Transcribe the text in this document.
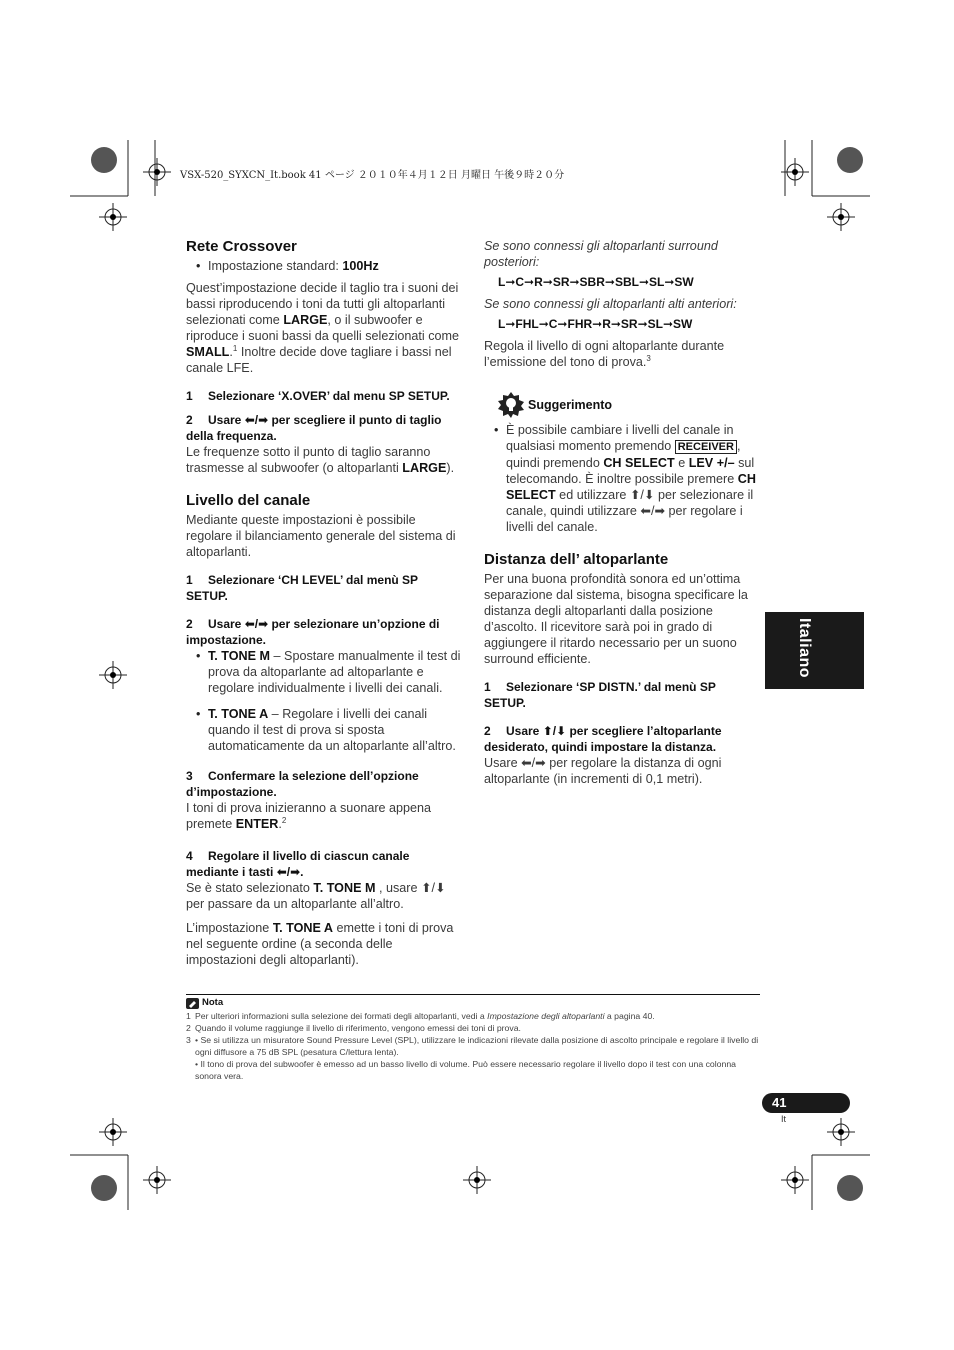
VSX-520_SYXCN_It.book 41 ページ ２０１０年４月１２日 月曜日 午後９時２０分
Rete Crossover
• Impostazione standard: 100Hz

Quest’impostazione decide il taglio tra i suoni dei bassi riproducendo i toni da tutti gli altoparlanti selezionati come LARGE, o il subwoofer e riproduce i suoni bassi da quelli selezionati come SMALL.$^1$ Inoltre decide dove tagliare i bassi nel canale LFE.

1 Selezionare ‘X.OVER’ dal menu SP SETUP.
2 Usare ⬅/➡ per scegliere il punto di taglio della frequenza.

Le frequenze sotto il punto di taglio saranno trasmesse al subwoofer (o altoparlanti LARGE).

Livello del canale

Mediante queste impostazioni è possibile regolare il bilanciamento generale del sistema di altoparlanti.

1 Selezionare ‘CH LEVEL’ dal menù SP SETUP.
2 Usare ⬅/➡ per selezionare un’opzione di impostazione.
• T. TONE M – Spostare manualmente il test di prova da altoparlante ad altoparlante e regolare individualmente i livelli dei canali.
• T. TONE A – Regolare i livelli dei canali quando il test di prova si sposta automaticamente da un altoparlante all’altro.
3 Confermare la selezione dell’opzione d’impostazione.

I toni di prova inizieranno a suonare appena premete ENTER.$^2$

4 Regolare il livello di ciascun canale mediante i tasti ⬅/➡.

Se è stato selezionato T. TONE M , usare ⬆/⬇ per passare da un altoparlante all’altro.

L’impostazione T. TONE A emette i toni di prova nel seguente ordine (a seconda delle impostazioni degli altoparlanti).

Se sono connessi gli altoparlanti surround posteriori:

L➞C➞R➞SR➞SBR➞SBL➞SL➞SW

Se sono connessi gli altoparlanti alti anteriori:

L➞FHL➞C➞FHR➞R➞SR➞SL➞SW

Regola il livello di ogni altoparlante durante l’emissione del tono di prova.$^3$

Suggerimento
• È possibile cambiare i livelli del canale in qualsiasi momento premendo RECEIVER , quindi premendo CH SELECT e LEV +/– sul telecomando. È inoltre possibile premere CH SELECT ed utilizzare ⬆/⬇ per selezionare il canale, quindi utilizzare ⬅/➡ per regolare i livelli del canale.
Distanza dell’ altoparlante

Per una buona profondità sonora ed un’ottima separazione dal sistema, bisogna specificare la distanza degli altoparlanti dalla posizione d’ascolto. Il ricevitore sarà poi in grado di aggiungere il ritardo necessario per un suono surround efficiente.

1 Selezionare ‘SP DISTN.’ dal menù SP SETUP.
2 Usare ⬆/⬇ per scegliere l’altoparlante desiderato, quindi impostare la distanza.

Usare ⬅/➡ per regolare la distanza di ogni altoparlante (in incrementi di 0,1 metri).

Italiano
Nota
1 Per ulteriori informazioni sulla selezione dei formati degli altoparlanti, vedi a Impostazione degli altoparlanti a pagina 40.
2 Quando il volume raggiunge il livello di riferimento, vengono emessi dei toni di prova.
3 • Se si utilizza un misuratore Sound Pressure Level (SPL), utilizzare le indicazioni rilevate dalla posizione di ascolto principale e regolare il livello di ogni diffusore a 75 dB SPL (pesatura C/lettura lenta).
• Il tono di prova del subwoofer è emesso ad un basso livello di volume. Può essere necessario regolare il livello dopo il test con una colonna sonora vera.
41
It
